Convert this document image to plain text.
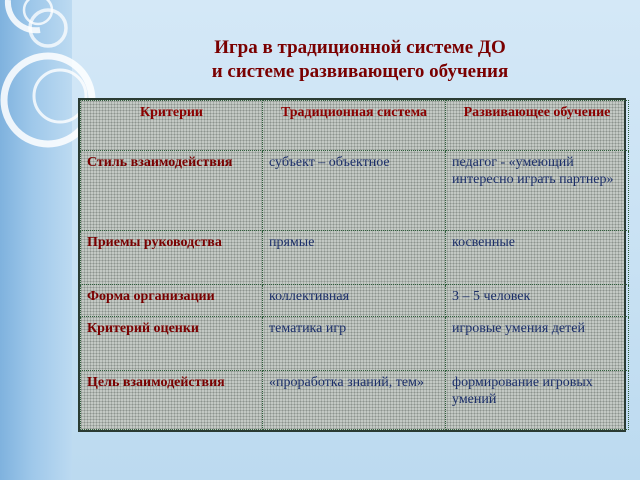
Игра в традиционной системе ДО
и системе развивающего обучения
Критерии	Традиционная система	Развивающее обучение
Стиль взаимодействия	субъект – объектное	педагог - «умеющий интересно играть партнер»
Приемы руководства	прямые	косвенные
Форма организации	коллективная	3 – 5 человек
Критерий оценки	тематика игр	игровые умения детей
Цель взаимодействия	«проработка знаний, тем»	формирование игровых умений
